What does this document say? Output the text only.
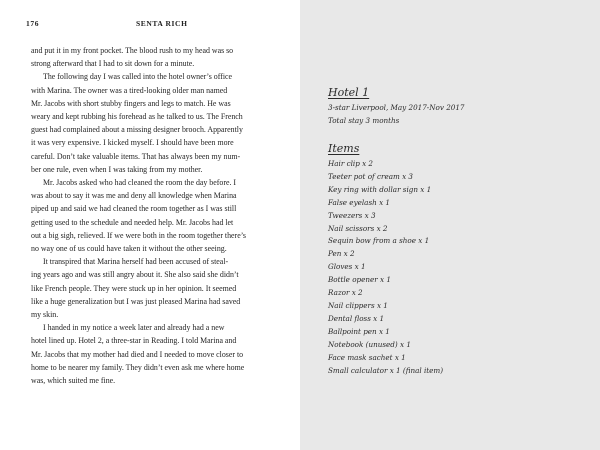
176	SENTA RICH

and put it in my front pocket. The blood rush to my head was so

strong afterward that I had to sit down for a minute.

The following day I was called into the hotel owner’s office

with Marina. The owner was a tired-looking older man named

Mr. Jacobs with short stubby fingers and legs to match. He was

weary and kept rubbing his forehead as he talked to us. The French

guest had complained about a missing designer brooch. Apparently

it was very expensive. I kicked myself. I should have been more

careful. Don’t take valuable items. That has always been my num-

ber one rule, even when I was taking from my mother.

Mr. Jacobs asked who had cleaned the room the day before. I

was about to say it was me and deny all knowledge when Marina

piped up and said we had cleaned the room together as I was still

getting used to the schedule and needed help. Mr. Jacobs had let

out a big sigh, relieved. If we were both in the room together there’s

no way one of us could have taken it without the other seeing.

It transpired that Marina herself had been accused of steal-

ing years ago and was still angry about it. She also said she didn’t

like French people. They were stuck up in her opinion. It seemed

like a huge generalization but I was just pleased Marina had saved

my skin.

I handed in my notice a week later and already had a new

hotel lined up. Hotel 2, a three-star in Reading. I told Marina and

Mr. Jacobs that my mother had died and I needed to move closer to

home to be nearer my family. They didn’t even ask me where home

was, which suited me fine.

Hotel 1
3-star Liverpool, May 2017-Nov 2017
Total stay 3 months
Items
Hair clip x 2
Teeter pot of cream x 3
Key ring with dollar sign x 1
False eyelash x 1
Tweezers x 3
Nail scissors x 2
Sequin bow from a shoe x 1
Pen x 2
Gloves x 1
Bottle opener x 1
Razor x 2
Nail clippers x 1
Dental floss x 1
Ballpoint pen x 1
Notebook (unused) x 1
Face mask sachet x 1
Small calculator x 1 (final item)
